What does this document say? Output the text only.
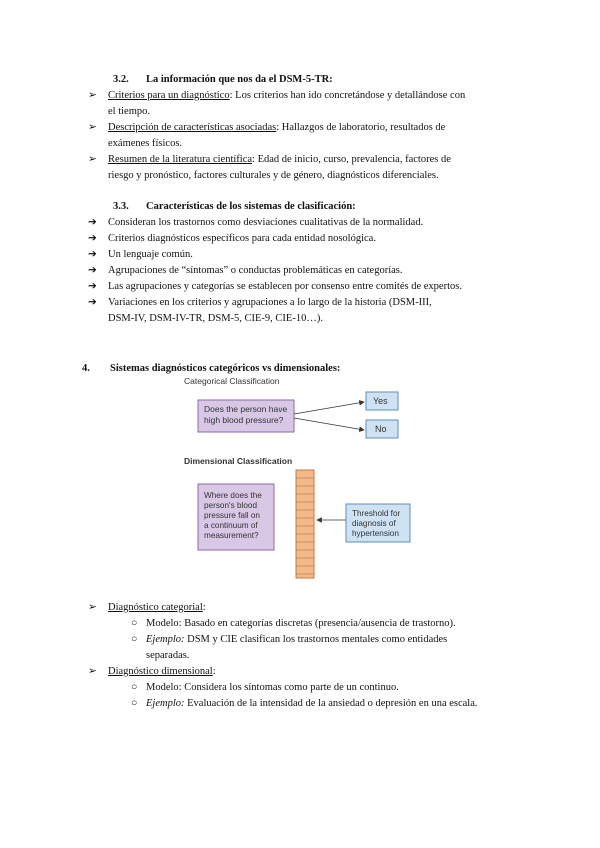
3.2. La información que nos da el DSM-5-TR:
➢ Criterios para un diagnóstico: Los criterios han ido concretándose y detallándose con
el tiempo.
➢ Descripción de características asociadas: Hallazgos de laboratorio, resultados de
exámenes físicos.
➢ Resumen de la literatura científica: Edad de inicio, curso, prevalencia, factores de
riesgo y pronóstico, factores culturales y de género, diagnósticos diferenciales.
3.3. Características de los sistemas de clasificación:
➔ Consideran los trastornos como desviaciones cualitativas de la normalidad.
➔ Criterios diagnósticos específicos para cada entidad nosológica.
➔ Un lenguaje común.
➔ Agrupaciones de “síntomas” o conductas problemáticas en categorías.
➔ Las agrupaciones y categorías se establecen por consenso entre comités de expertos.
➔ Variaciones en los criterios y agrupaciones a lo largo de la historia (DSM-III,
DSM-IV, DSM-IV-TR, DSM-5, CIE-9, CIE-10…).
4. Sistemas diagnósticos categóricos vs dimensionales:
Categorical Classification
Does the person have
high blood pressure?
Yes
No
Dimensional Classification
Where does the
person's blood
pressure fall on
a continuum of
measurement?
Threshold for
diagnosis of
hypertension
➢ Diagnóstico categorial:
○ Modelo: Basado en categorías discretas (presencia/ausencia de trastorno).
○ Ejemplo: DSM y CIE clasifican los trastornos mentales como entidades
separadas.
➢ Diagnóstico dimensional:
○ Modelo: Considera los síntomas como parte de un continuo.
○ Ejemplo: Evaluación de la intensidad de la ansiedad o depresión en una escala.
